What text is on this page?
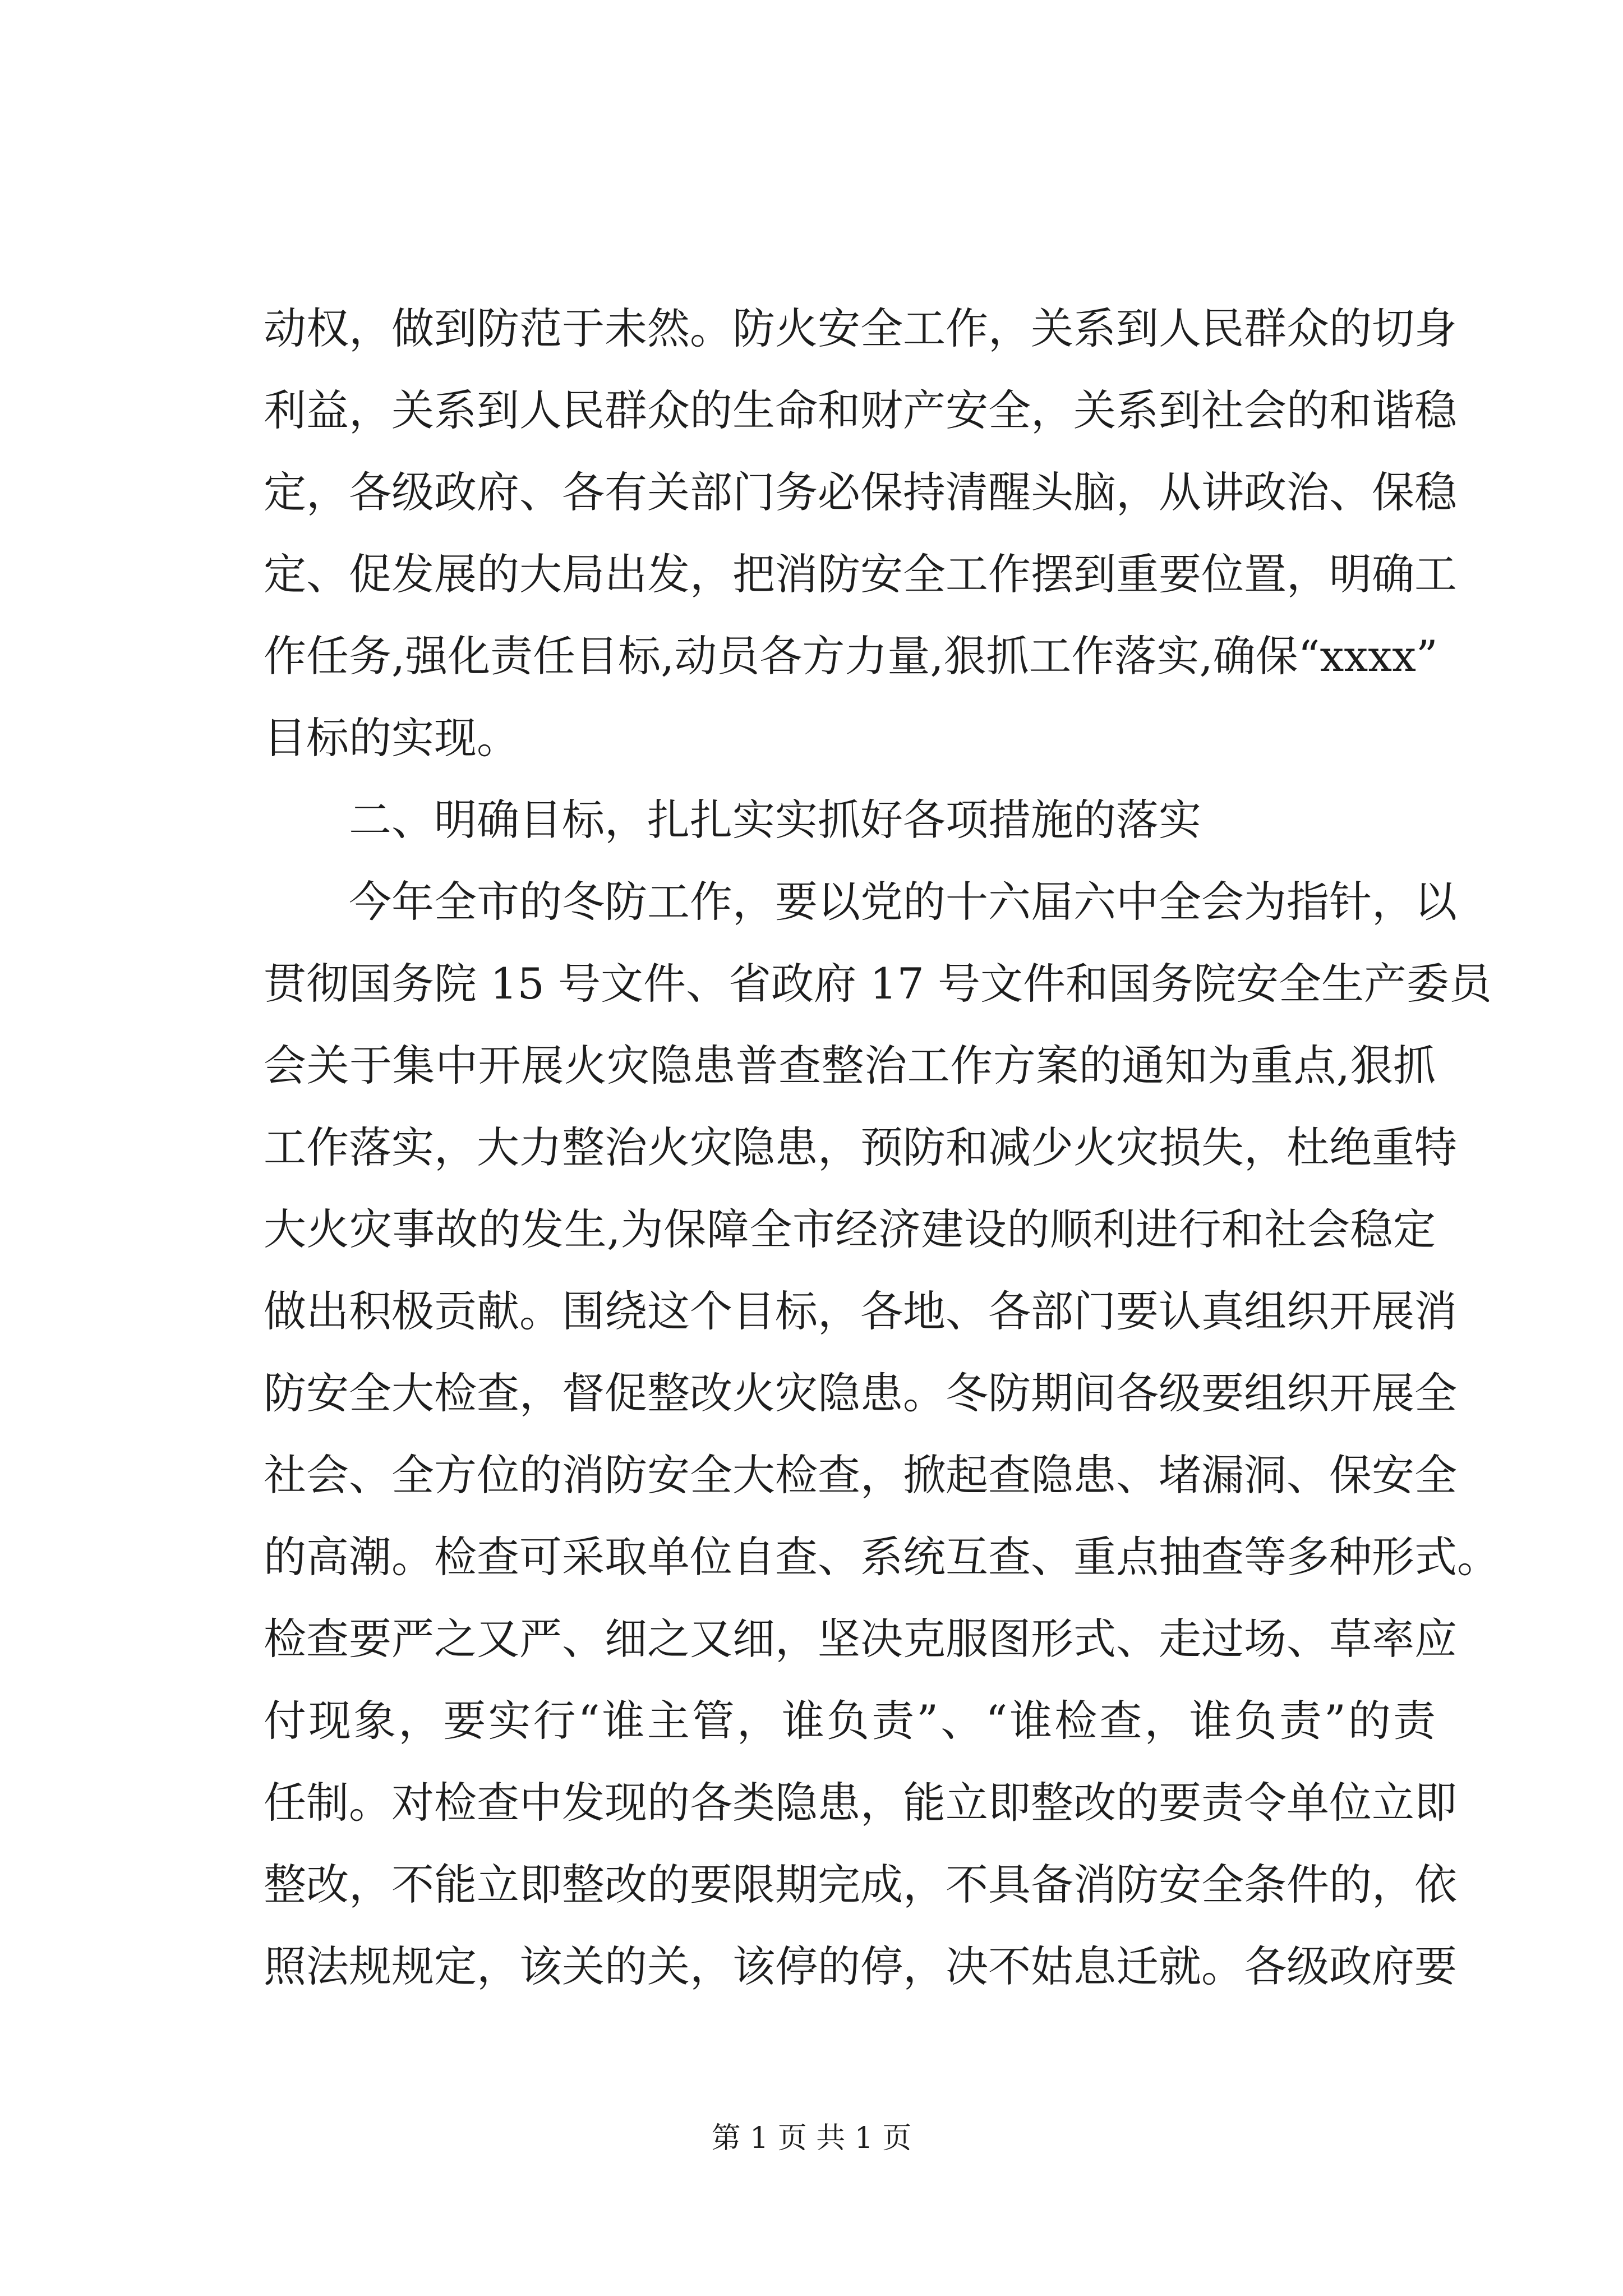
动权，做到防范于未然。防火安全工作，关系到人民群众的切身
利益，关系到人民群众的生命和财产安全，关系到社会的和谐稳
定，各级政府、各有关部门务必保持清醒头脑，从讲政治、保稳
定、促发展的大局出发，把消防安全工作摆到重要位置，明确工
作任务,强化责任目标,动员各方力量,狠抓工作落实,确保“xxxx”
目标的实现。
二、明确目标，扎扎实实抓好各项措施的落实
今年全市的冬防工作，要以党的十六届六中全会为指针，以
贯彻国务院 15 号文件、省政府 17 号文件和国务院安全生产委员
会关于集中开展火灾隐患普查整治工作方案的通知为重点,狠抓
工作落实，大力整治火灾隐患，预防和减少火灾损失，杜绝重特
大火灾事故的发生,为保障全市经济建设的顺利进行和社会稳定
做出积极贡献。围绕这个目标，各地、各部门要认真组织开展消
防安全大检查，督促整改火灾隐患。冬防期间各级要组织开展全
社会、全方位的消防安全大检查，掀起查隐患、堵漏洞、保安全
的高潮。检查可采取单位自查、系统互查、重点抽查等多种形式。
检查要严之又严、细之又细，坚决克服图形式、走过场、草率应
付现象，要实行“谁主管，谁负责”、“谁检查，谁负责”的责
任制。对检查中发现的各类隐患，能立即整改的要责令单位立即
整改，不能立即整改的要限期完成，不具备消防安全条件的，依
照法规规定，该关的关，该停的停，决不姑息迁就。各级政府要
第 1 页 共 1 页
